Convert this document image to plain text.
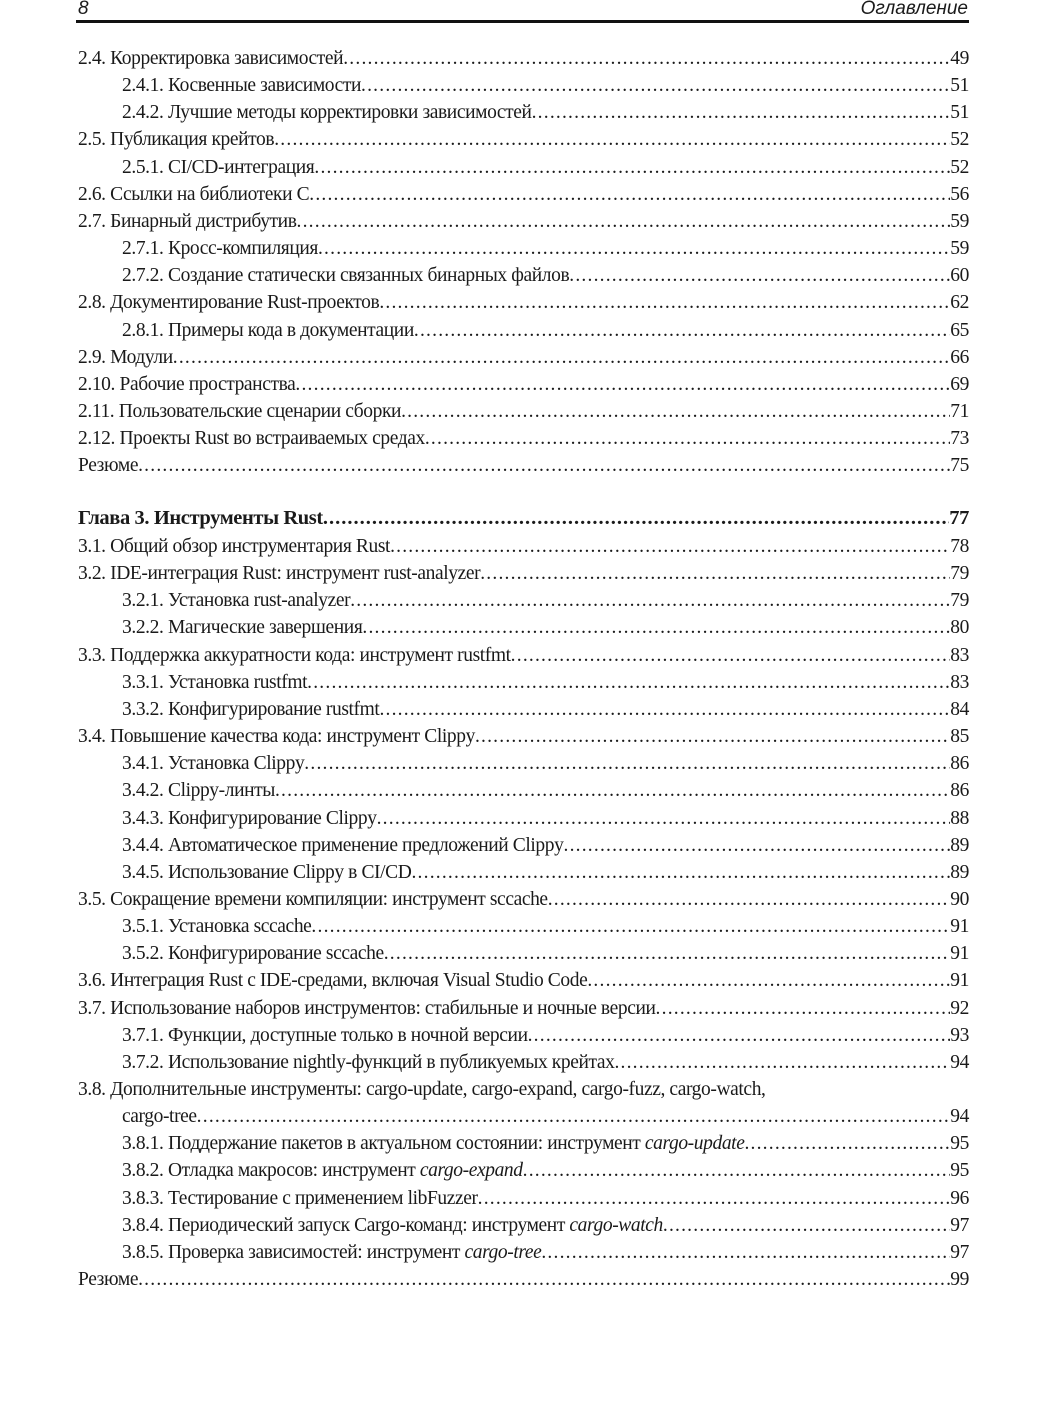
8	Оглавление
2.4. Корректировка зависимостей .....	49
2.4.1. Косвенные зависимости .....	51
2.4.2. Лучшие методы корректировки зависимостей .....	51
2.5. Публикация крейтов .....	52
2.5.1. CI/CD-интеграция .....	52
2.6. Ссылки на библиотеки C .....	56
2.7. Бинарный дистрибутив .....	59
2.7.1. Кросс-компиляция .....	59
2.7.2. Создание статически связанных бинарных файлов .....	60
2.8. Документирование Rust-проектов .....	62
2.8.1. Примеры кода в документации .....	65
2.9. Модули .....	66
2.10. Рабочие пространства .....	69
2.11. Пользовательские сценарии сборки .....	71
2.12. Проекты Rust во встраиваемых средах .....	73
Резюме .....	75
Глава 3. Инструменты Rust .....	77
3.1. Общий обзор инструментария Rust .....	78
3.2. IDE-интеграция Rust: инструмент rust-analyzer .....	79
3.2.1. Установка rust-analyzer .....	79
3.2.2. Магические завершения .....	80
3.3. Поддержка аккуратности кода: инструмент rustfmt .....	83
3.3.1. Установка rustfmt .....	83
3.3.2. Конфигурирование rustfmt .....	84
3.4. Повышение качества кода: инструмент Clippy .....	85
3.4.1. Установка Clippy .....	86
3.4.2. Clippy-линты .....	86
3.4.3. Конфигурирование Clippy .....	88
3.4.4. Автоматическое применение предложений Clippy .....	89
3.4.5. Использование Clippy в CI/CD .....	89
3.5. Сокращение времени компиляции: инструмент sccache .....	90
3.5.1. Установка sccache .....	91
3.5.2. Конфигурирование sccache .....	91
3.6. Интеграция Rust с IDE-средами, включая Visual Studio Code .....	91
3.7. Использование наборов инструментов: стабильные и ночные версии .....	92
3.7.1. Функции, доступные только в ночной версии .....	93
3.7.2. Использование nightly-функций в публикуемых крейтах .....	94
3.8. Дополнительные инструменты: cargo-update, cargo-expand, cargo-fuzz, cargo-watch,
cargo-tree .....	94
3.8.1. Поддержание пакетов в актуальном состоянии: инструмент cargo-update .....	95
3.8.2. Отладка макросов: инструмент cargo-expand .....	95
3.8.3. Тестирование с применением libFuzzer .....	96
3.8.4. Периодический запуск Cargo-команд: инструмент cargo-watch .....	97
3.8.5. Проверка зависимостей: инструмент cargo-tree .....	97
Резюме .....	99
